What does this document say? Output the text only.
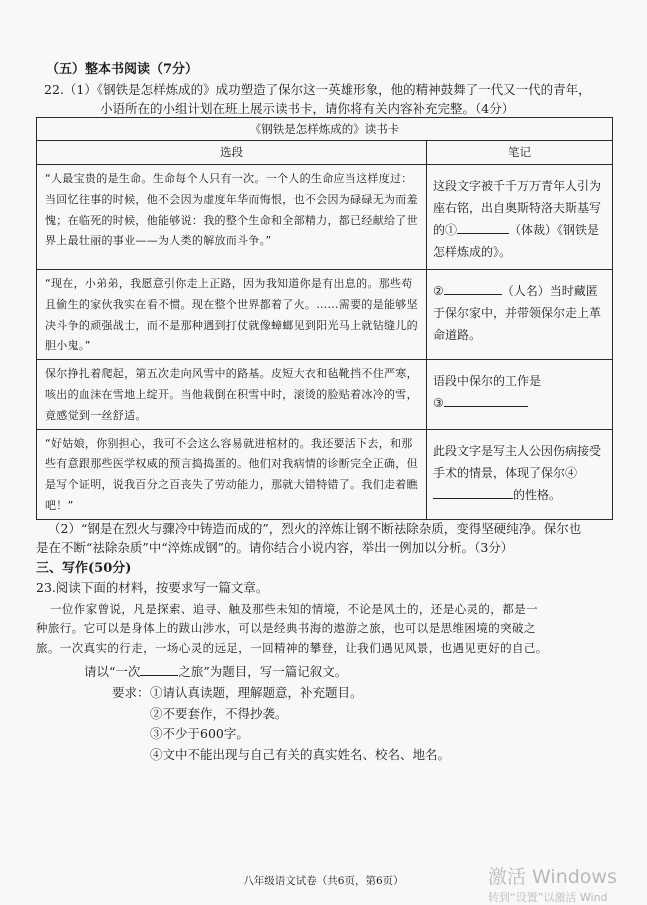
（五）整本书阅读（7分）
22.（1）《钢铁是怎样炼成的》成功塑造了保尔这一英雄形象，他的精神鼓舞了一代又一代的青年，
小语所在的小组计划在班上展示读书卡，请你将有关内容补充完整。（4分）
《钢铁是怎样炼成的》读书卡	
选段	笔记
“人最宝贵的是生命。生命每个人只有一次。一个人的生命应当这样度过：当回忆往事的时候，他不会因为虚度年华而悔恨，也不会因为碌碌无为而羞愧；在临死的时候，他能够说：我的整个生命和全部精力，都已经献给了世界上最壮丽的事业——为人类的解放而斗争。”	这段文字被千千万万青年人引为座右铭，出自奥斯特洛夫斯基写的① （体裁）《钢铁是怎样炼成的》。
“现在，小弟弟，我愿意引你走上正路，因为我知道你是有出息的。那些苟且偷生的家伙我实在看不惯。现在整个世界都着了火。……需要的是能够坚决斗争的顽强战士，而不是那种遇到打仗就像蟑螂见到阳光马上就钻缝儿的胆小鬼。”	② （人名）当时藏匿于保尔家中，并带领保尔走上革命道路。
保尔挣扎着爬起，第五次走向风雪中的路基。皮短大衣和毡靴挡不住严寒，咳出的血沫在雪地上绽开。当他栽倒在积雪中时，滚烫的脸贴着冰冷的雪，竟感觉到一丝舒适。	语段中保尔的工作是
③
“好姑娘，你别担心，我可不会这么容易就进棺材的。我还要活下去，和那些有意跟那些医学权威的预言捣捣蛋的。他们对我病情的诊断完全正确，但是写个证明，说我百分之百丧失了劳动能力，那就大错特错了。我们走着瞧吧！”	此段文字是写主人公因伤病接受手术的情景，体现了保尔④的性格。
（2）“钢是在烈火与骤冷中铸造而成的”，烈火的淬炼让钢不断祛除杂质，变得坚硬纯净。保尔也
是在不断“祛除杂质”中“淬炼成钢”的。请你结合小说内容，举出一例加以分析。（3分）
三、写作(50分)
23.阅读下面的材料，按要求写一篇文章。
一位作家曾说，凡是探索、追寻、触及那些未知的情境，不论是风土的，还是心灵的，都是一
种旅行。它可以是身体上的跋山涉水，可以是经典书海的遨游之旅，也可以是思维困境的突破之
旅。一次真实的行走，一场心灵的远足，一回精神的攀登，让我们遇见风景，也遇见更好的自己。
请以“一次	之旅”为题目，写一篇记叙文。
要求： ①请认真读题，理解题意，补充题目。
②不要套作，不得抄袭。
③不少于600字。
④文中不能出现与自己有关的真实姓名、校名、地名。
八年级语文试卷（共6页，第6页）	激活 Windows
转到“设置”以激活 Wind
